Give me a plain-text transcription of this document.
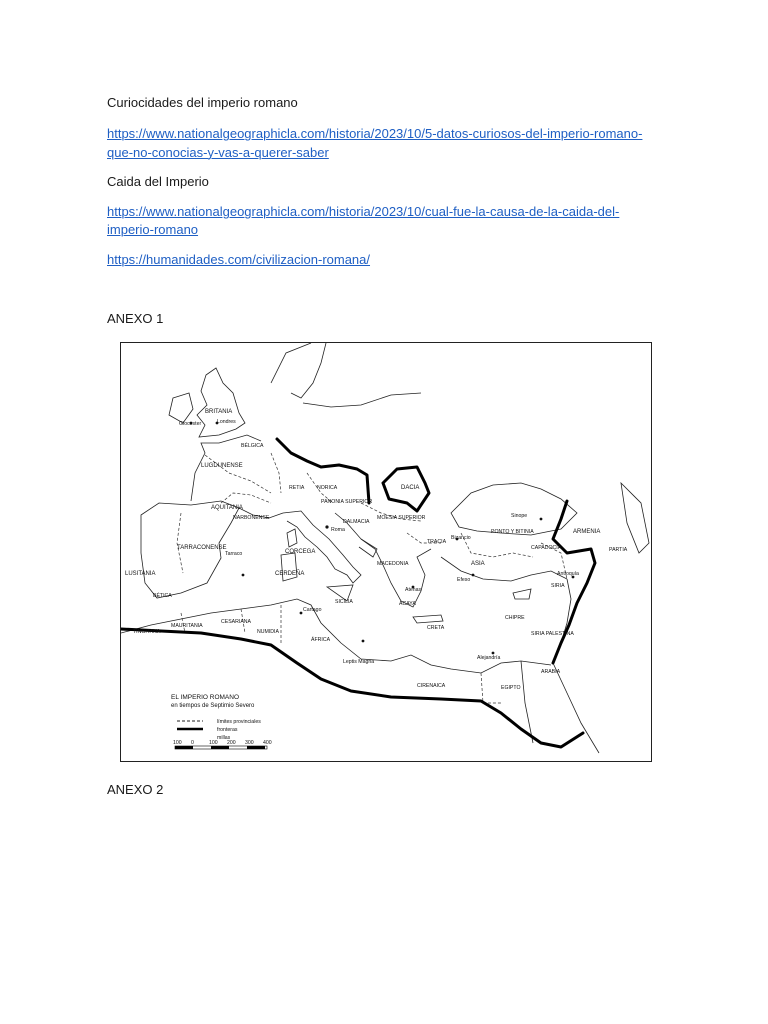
Curiocidades del imperio romano
https://www.nationalgeographicla.com/historia/2023/10/5-datos-curiosos-del-imperio-romano-
que-no-conocias-y-vas-a-querer-saber
Caida del Imperio
https://www.nationalgeographicla.com/historia/2023/10/cual-fue-la-causa-de-la-caida-del-
imperio-romano
https://humanidades.com/civilizacion-romana/
ANEXO 1
BRITANIA
Londres
Glocester
LUGDUNENSE
AQUITANIA
BÉLGICA
NARBONENSE
TARRACONENSE
LUSITANIA
BÉTICA
Tarraco	CORCEGA
CERDEÑA
RETIA NORICA
PANONIA SUPERIOR
DALMACIA
DACIA
MOESIA SUPERIOR
TRACIA
MACEDONIA
ACAYA
Roma
SICILIA
CRETA
PONTO Y BITINIA
ASIA
CAPADOCIA
ARMENIA
PARTIA
SIRIA
CHIPRE
SIRIA PALESTINA
ARABIA
EGIPTO
CIRENAICA
ÁFRICA
NUMIDIA
MAURITANIA
CESARIANA
TINGITANA
Cartago
Leptis Magna
Alejandría
Sinope
Antioquía
Efeso
Atenas
Bizancio
EL IMPERIO ROMANO
en tiempos de Septimio Severo
límites provinciales
fronteras
millas
100 0	100 200 300 400
ANEXO 2
